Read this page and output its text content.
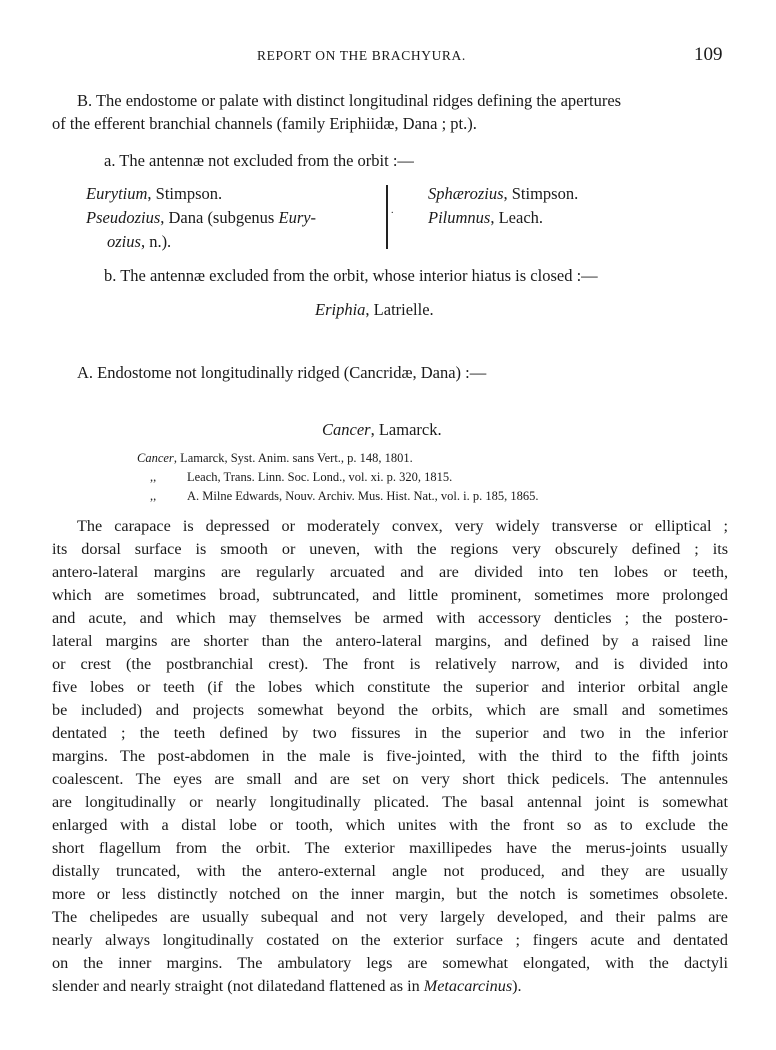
REPORT ON THE BRACHYURA.	109
B. The endostome or palate with distinct longitudinal ridges defining the apertures
of the efferent branchial channels (family Eriphiidæ, Dana ; pt.).
a. The antennæ not excluded from the orbit :—
Eurytium, Stimpson.
Pseudozius, Dana (subgenus Eury-
ozius, n.).
.
Sphærozius, Stimpson.
Pilumnus, Leach.
b. The antennæ excluded from the orbit, whose interior hiatus is closed :—
Eriphia, Latrielle.
A. Endostome not longitudinally ridged (Cancridæ, Dana) :—
Cancer, Lamarck.
Cancer, Lamarck, Syst. Anim. sans Vert., p. 148, 1801.
,, Leach, Trans. Linn. Soc. Lond., vol. xi. p. 320, 1815.
,, A. Milne Edwards, Nouv. Archiv. Mus. Hist. Nat., vol. i. p. 185, 1865.
The carapace is depressed or moderately convex, very widely transverse or elliptical ;
its dorsal surface is smooth or uneven, with the regions very obscurely defined ; its
antero-lateral margins are regularly arcuated and are divided into ten lobes or teeth,
which are sometimes broad, subtruncated, and little prominent, sometimes more prolonged
and acute, and which may themselves be armed with accessory denticles ; the postero-
lateral margins are shorter than the antero-lateral margins, and defined by a raised line
or crest (the postbranchial crest). The front is relatively narrow, and is divided into
five lobes or teeth (if the lobes which constitute the superior and interior orbital angle
be included) and projects somewhat beyond the orbits, which are small and sometimes
dentated ; the teeth defined by two fissures in the superior and two in the inferior
margins. The post-abdomen in the male is five-jointed, with the third to the fifth joints
coalescent. The eyes are small and are set on very short thick pedicels. The antennules
are longitudinally or nearly longitudinally plicated. The basal antennal joint is somewhat
enlarged with a distal lobe or tooth, which unites with the front so as to exclude the
short flagellum from the orbit. The exterior maxillipedes have the merus-joints usually
distally truncated, with the antero-external angle not produced, and they are usually
more or less distinctly notched on the inner margin, but the notch is sometimes obsolete.
The chelipedes are usually subequal and not very largely developed, and their palms are
nearly always longitudinally costated on the exterior surface ; fingers acute and dentated
on the inner margins. The ambulatory legs are somewhat elongated, with the dactyli
slender and nearly straight (not dilatedand flattened as in Metacarcinus).
